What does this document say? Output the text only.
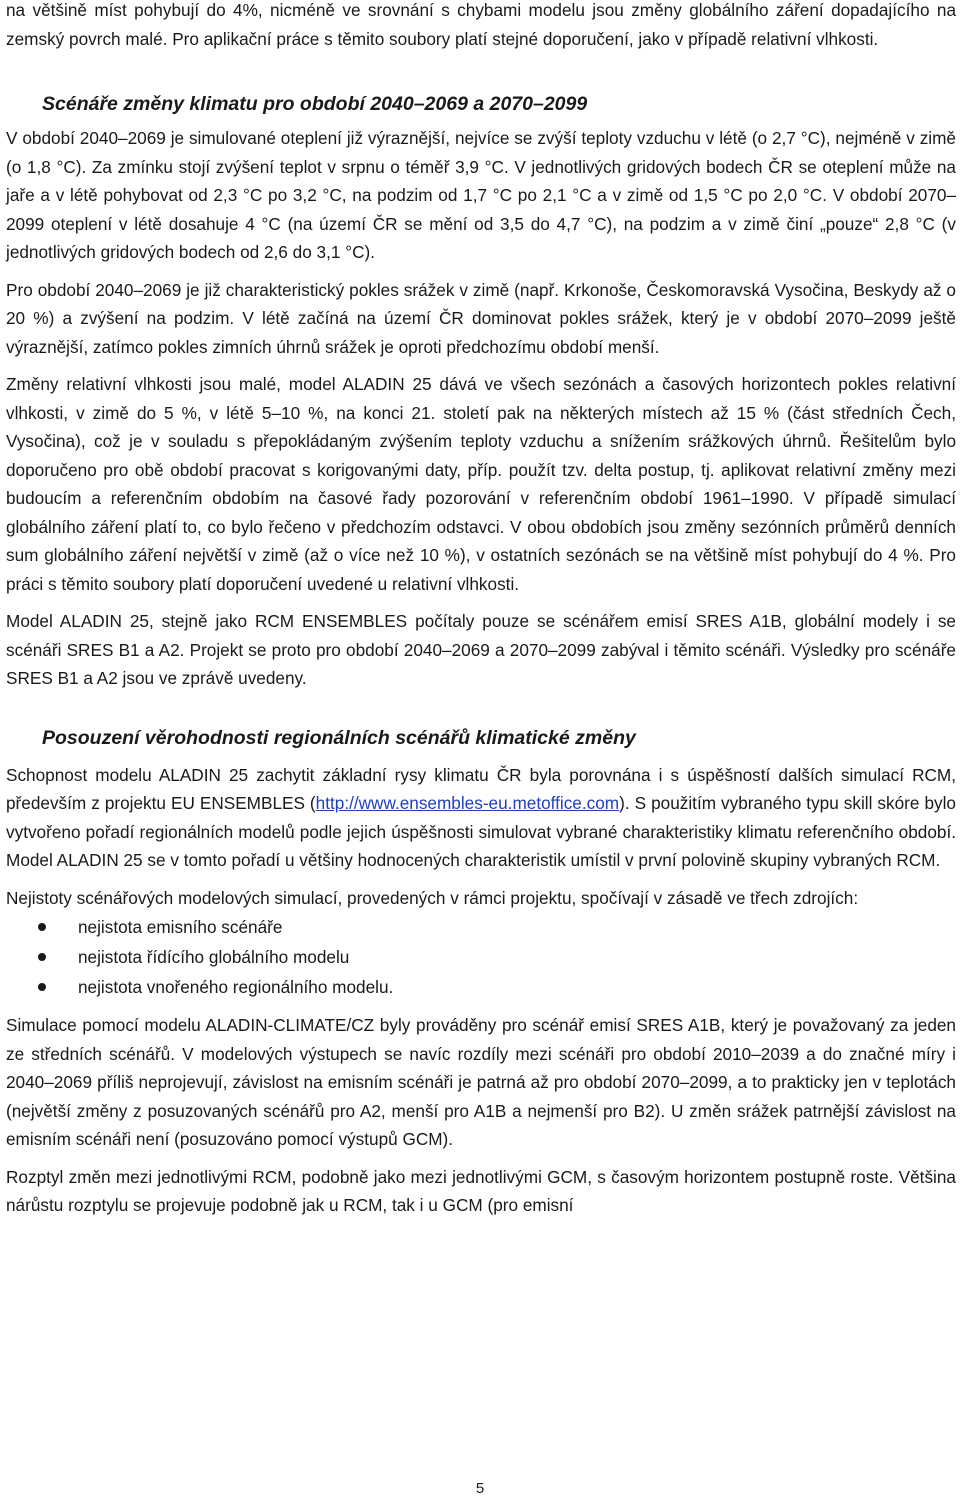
na většině míst pohybují do 4%, nicméně ve srovnání s chybami modelu jsou změny globálního záření dopadajícího na zemský povrch malé. Pro aplikační práce s těmito soubory platí stejné doporučení, jako v případě relativní vlhkosti.

Scénáře změny klimatu pro období 2040–2069 a 2070–2099

V období 2040–2069 je simulované oteplení již výraznější, nejvíce se zvýší teploty vzduchu v létě (o 2,7 °C), nejméně v zimě (o 1,8 °C). Za zmínku stojí zvýšení teplot v srpnu o téměř 3,9 °C. V jednotlivých gridových bodech ČR se oteplení může na jaře a v létě pohybovat od 2,3 °C po 3,2 °C, na podzim od 1,7 °C po 2,1 °C a v zimě od 1,5 °C po 2,0 °C. V období 2070–2099 oteplení v létě dosahuje 4 °C (na území ČR se mění od 3,5 do 4,7 °C), na podzim a v zimě činí „pouze“ 2,8 °C (v jednotlivých gridových bodech od 2,6 do 3,1 °C).

Pro období 2040–2069 je již charakteristický pokles srážek v zimě (např. Krkonoše, Českomoravská Vysočina, Beskydy až o 20 %) a zvýšení na podzim. V létě začíná na území ČR dominovat pokles srážek, který je v období 2070–2099 ještě výraznější, zatímco pokles zimních úhrnů srážek je oproti předchozímu období menší.

Změny relativní vlhkosti jsou malé, model ALADIN 25 dává ve všech sezónách a časových horizontech pokles relativní vlhkosti, v zimě do 5 %, v létě 5–10 %, na konci 21. století pak na některých místech až 15 % (část středních Čech, Vysočina), což je v souladu s přepokládaným zvýšením teploty vzduchu a snížením srážkových úhrnů. Řešitelům bylo doporučeno pro obě období pracovat s korigovanými daty, příp. použít tzv. delta postup, tj. aplikovat relativní změny mezi budoucím a referenčním obdobím na časové řady pozorování v referenčním období 1961–1990. V případě simulací globálního záření platí to, co bylo řečeno v předchozím odstavci. V obou obdobích jsou změny sezónních průměrů denních sum globálního záření největší v zimě (až o více než 10 %), v ostatních sezónách se na většině míst pohybují do 4 %. Pro práci s těmito soubory platí doporučení uvedené u relativní vlhkosti.

Model ALADIN 25, stejně jako RCM ENSEMBLES počítaly pouze se scénářem emisí SRES A1B, globální modely i se scénáři SRES B1 a A2. Projekt se proto pro období 2040–2069 a 2070–2099 zabýval i těmito scénáři. Výsledky pro scénáře SRES B1 a A2 jsou ve zprávě uvedeny.

Posouzení věrohodnosti regionálních scénářů klimatické změny

Schopnost modelu ALADIN 25 zachytit základní rysy klimatu ČR byla porovnána i s úspěšností dalších simulací RCM, především z projektu EU ENSEMBLES (http://www.ensembles-eu.metoffice.com). S použitím vybraného typu skill skóre bylo vytvořeno pořadí regionálních modelů podle jejich úspěšnosti simulovat vybrané charakteristiky klimatu referenčního období. Model ALADIN 25 se v tomto pořadí u většiny hodnocených charakteristik umístil v první polovině skupiny vybraných RCM.

Nejistoty scénářových modelových simulací, provedených v rámci projektu, spočívají v zásadě ve třech zdrojích:

nejistota emisního scénáře
nejistota řídícího globálního modelu
nejistota vnořeného regionálního modelu.

Simulace pomocí modelu ALADIN-CLIMATE/CZ byly prováděny pro scénář emisí SRES A1B, který je považovaný za jeden ze středních scénářů. V modelových výstupech se navíc rozdíly mezi scénáři pro období 2010–2039 a do značné míry i 2040–2069 příliš neprojevují, závislost na emisním scénáři je patrná až pro období 2070–2099, a to prakticky jen v teplotách (největší změny z posuzovaných scénářů pro A2, menší pro A1B a nejmenší pro B2). U změn srážek patrnější závislost na emisním scénáři není (posuzováno pomocí výstupů GCM).

Rozptyl změn mezi jednotlivými RCM, podobně jako mezi jednotlivými GCM, s časovým horizontem postupně roste. Většina nárůstu rozptylu se projevuje podobně jak u RCM, tak i u GCM (pro emisní

5
